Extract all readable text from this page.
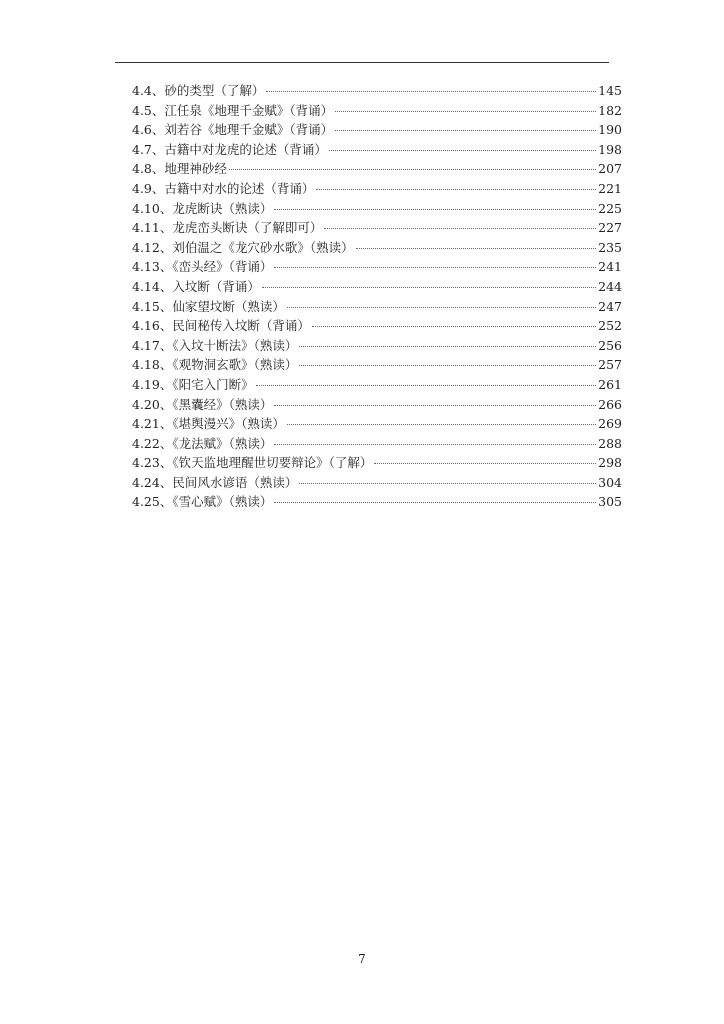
4.4、砂的类型（了解）	145
4.5、江任泉《地理千金赋》（背诵）	182
4.6、刘若谷《地理千金赋》（背诵）	190
4.7、古籍中对龙虎的论述（背诵）	198
4.8、地理神砂经	207
4.9、古籍中对水的论述（背诵）	221
4.10、龙虎断诀（熟读）	225
4.11、龙虎峦头断诀（了解即可）	227
4.12、刘伯温之《龙穴砂水歌》（熟读）	235
4.13、《峦头经》（背诵）	241
4.14、入坟断（背诵）	244
4.15、仙家望坟断（熟读）	247
4.16、民间秘传入坟断（背诵）	252
4.17、《入坟十断法》（熟读）	256
4.18、《观物洞玄歌》（熟读）	257
4.19、《阳宅入门断》	261
4.20、《黑囊经》（熟读）	266
4.21、《堪舆漫兴》（熟读）	269
4.22、《龙法赋》（熟读）	288
4.23、《钦天监地理醒世切要辩论》（了解）	298
4.24、民间风水谚语（熟读）	304
4.25、《雪心赋》（熟读）	305
7
